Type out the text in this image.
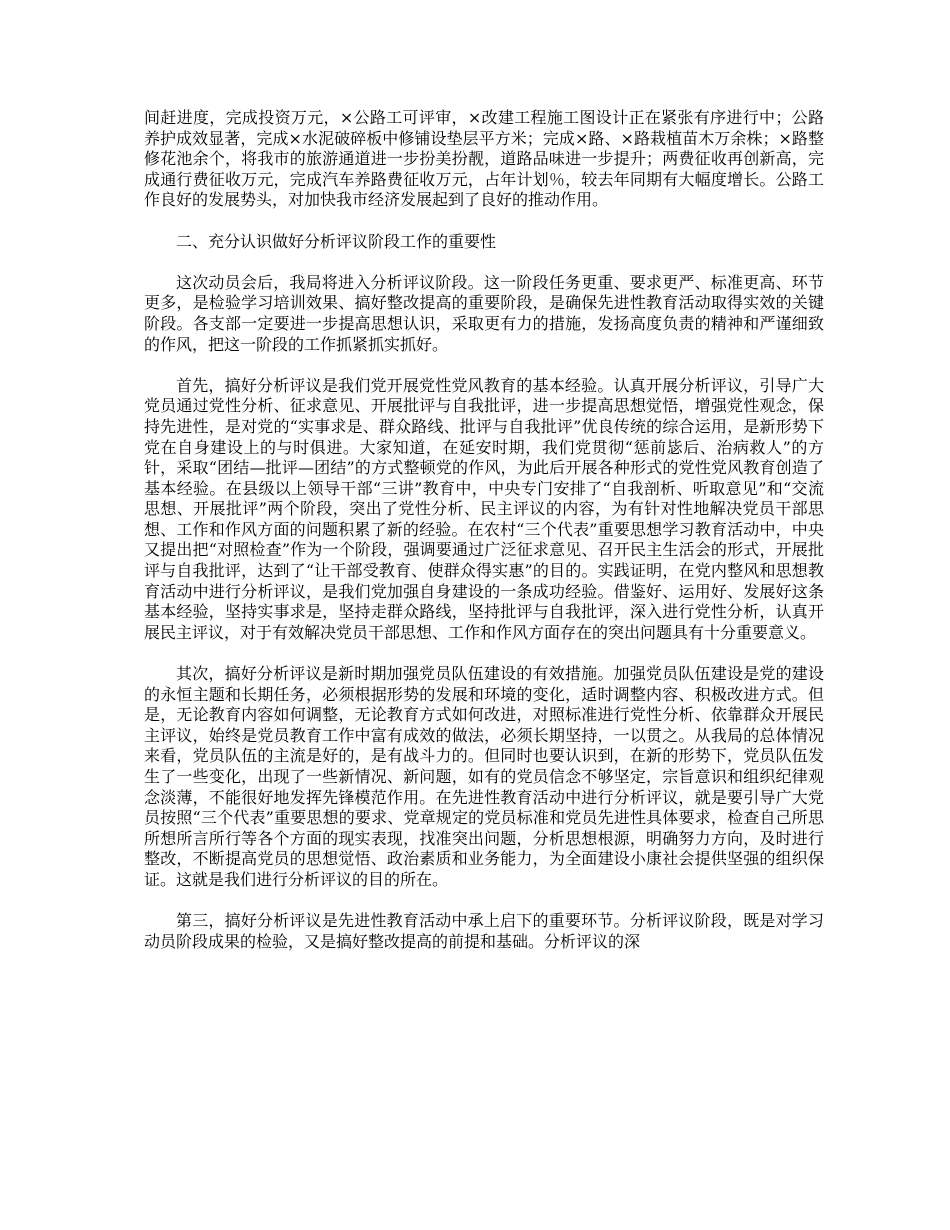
间赶进度，完成投资万元，×公路工可评审，×改建工程施工图设计正在紧张有序进行中；公路养护成效显著，完成×水泥破碎板中修铺设垫层平方米；完成×路、×路栽植苗木万余株；×路整修花池余个，将我市的旅游通道进一步扮美扮靓，道路品味进一步提升；两费征收再创新高，完成通行费征收万元，完成汽车养路费征收万元，占年计划％，较去年同期有大幅度增长。公路工作良好的发展势头，对加快我市经济发展起到了良好的推动作用。

二、充分认识做好分析评议阶段工作的重要性

这次动员会后，我局将进入分析评议阶段。这一阶段任务更重、要求更严、标准更高、环节更多，是检验学习培训效果、搞好整改提高的重要阶段，是确保先进性教育活动取得实效的关键阶段。各支部一定要进一步提高思想认识，采取更有力的措施，发扬高度负责的精神和严谨细致的作风，把这一阶段的工作抓紧抓实抓好。

首先，搞好分析评议是我们党开展党性党风教育的基本经验。认真开展分析评议，引导广大党员通过党性分析、征求意见、开展批评与自我批评，进一步提高思想觉悟，增强党性观念，保持先进性，是对党的“实事求是、群众路线、批评与自我批评”优良传统的综合运用，是新形势下党在自身建设上的与时俱进。大家知道，在延安时期，我们党贯彻“惩前毖后、治病救人”的方针，采取“团结—批评—团结”的方式整顿党的作风，为此后开展各种形式的党性党风教育创造了基本经验。在县级以上领导干部“三讲”教育中，中央专门安排了“自我剖析、听取意见”和“交流思想、开展批评”两个阶段，突出了党性分析、民主评议的内容，为有针对性地解决党员干部思想、工作和作风方面的问题积累了新的经验。在农村“三个代表”重要思想学习教育活动中，中央又提出把“对照检查”作为一个阶段，强调要通过广泛征求意见、召开民主生活会的形式，开展批评与自我批评，达到了“让干部受教育、使群众得实惠”的目的。实践证明，在党内整风和思想教育活动中进行分析评议，是我们党加强自身建设的一条成功经验。借鉴好、运用好、发展好这条基本经验，坚持实事求是，坚持走群众路线，坚持批评与自我批评，深入进行党性分析，认真开展民主评议，对于有效解决党员干部思想、工作和作风方面存在的突出问题具有十分重要意义。

其次，搞好分析评议是新时期加强党员队伍建设的有效措施。加强党员队伍建设是党的建设的永恒主题和长期任务，必须根据形势的发展和环境的变化，适时调整内容、积极改进方式。但是，无论教育内容如何调整，无论教育方式如何改进，对照标准进行党性分析、依靠群众开展民主评议，始终是党员教育工作中富有成效的做法，必须长期坚持，一以贯之。从我局的总体情况来看，党员队伍的主流是好的，是有战斗力的。但同时也要认识到，在新的形势下，党员队伍发生了一些变化，出现了一些新情况、新问题，如有的党员信念不够坚定，宗旨意识和组织纪律观念淡薄，不能很好地发挥先锋模范作用。在先进性教育活动中进行分析评议，就是要引导广大党员按照“三个代表”重要思想的要求、党章规定的党员标准和党员先进性具体要求，检查自己所思所想所言所行等各个方面的现实表现，找准突出问题，分析思想根源，明确努力方向，及时进行整改，不断提高党员的思想觉悟、政治素质和业务能力，为全面建设小康社会提供坚强的组织保证。这就是我们进行分析评议的目的所在。

第三，搞好分析评议是先进性教育活动中承上启下的重要环节。分析评议阶段，既是对学习动员阶段成果的检验，又是搞好整改提高的前提和基础。分析评议的深
